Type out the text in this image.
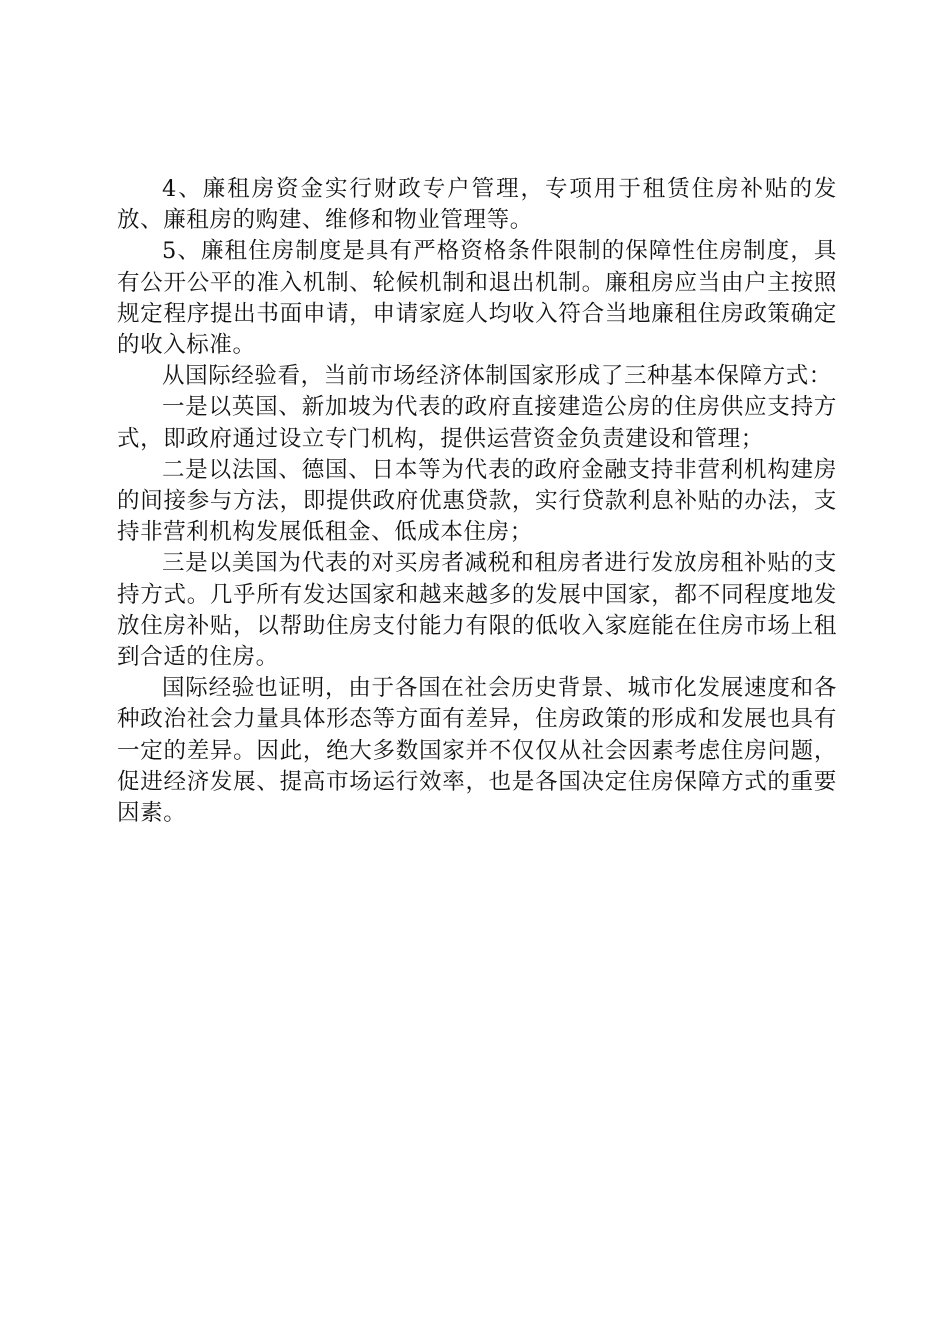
4、廉租房资金实行财政专户管理，专项用于租赁住房补贴的发放、廉租房的购建、维修和物业管理等。

5、廉租住房制度是具有严格资格条件限制的保障性住房制度，具有公开公平的准入机制、轮候机制和退出机制。廉租房应当由户主按照规定程序提出书面申请，申请家庭人均收入符合当地廉租住房政策确定的收入标准。

从国际经验看，当前市场经济体制国家形成了三种基本保障方式：

一是以英国、新加坡为代表的政府直接建造公房的住房供应支持方式，即政府通过设立专门机构，提供运营资金负责建设和管理；

二是以法国、德国、日本等为代表的政府金融支持非营利机构建房的间接参与方法，即提供政府优惠贷款，实行贷款利息补贴的办法，支持非营利机构发展低租金、低成本住房；

三是以美国为代表的对买房者减税和租房者进行发放房租补贴的支持方式。几乎所有发达国家和越来越多的发展中国家，都不同程度地发放住房补贴，以帮助住房支付能力有限的低收入家庭能在住房市场上租到合适的住房。

国际经验也证明，由于各国在社会历史背景、城市化发展速度和各种政治社会力量具体形态等方面有差异，住房政策的形成和发展也具有一定的差异。因此，绝大多数国家并不仅仅从社会因素考虑住房问题，促进经济发展、提高市场运行效率，也是各国决定住房保障方式的重要因素。
